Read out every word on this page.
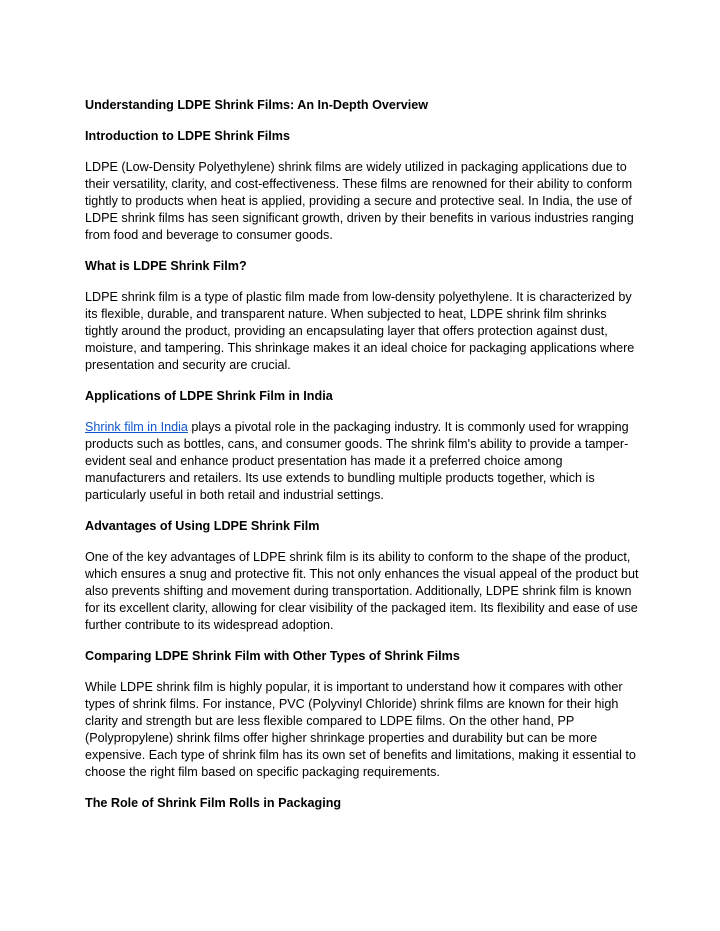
Understanding LDPE Shrink Films: An In-Depth Overview
Introduction to LDPE Shrink Films

LDPE (Low-Density Polyethylene) shrink films are widely utilized in packaging applications due to their versatility, clarity, and cost-effectiveness. These films are renowned for their ability to conform tightly to products when heat is applied, providing a secure and protective seal. In India, the use of LDPE shrink films has seen significant growth, driven by their benefits in various industries ranging from food and beverage to consumer goods.

What is LDPE Shrink Film?

LDPE shrink film is a type of plastic film made from low-density polyethylene. It is characterized by its flexible, durable, and transparent nature. When subjected to heat, LDPE shrink film shrinks tightly around the product, providing an encapsulating layer that offers protection against dust, moisture, and tampering. This shrinkage makes it an ideal choice for packaging applications where presentation and security are crucial.

Applications of LDPE Shrink Film in India

Shrink film in India plays a pivotal role in the packaging industry. It is commonly used for wrapping products such as bottles, cans, and consumer goods. The shrink film's ability to provide a tamper-evident seal and enhance product presentation has made it a preferred choice among manufacturers and retailers. Its use extends to bundling multiple products together, which is particularly useful in both retail and industrial settings.

Advantages of Using LDPE Shrink Film

One of the key advantages of LDPE shrink film is its ability to conform to the shape of the product, which ensures a snug and protective fit. This not only enhances the visual appeal of the product but also prevents shifting and movement during transportation. Additionally, LDPE shrink film is known for its excellent clarity, allowing for clear visibility of the packaged item. Its flexibility and ease of use further contribute to its widespread adoption.

Comparing LDPE Shrink Film with Other Types of Shrink Films

While LDPE shrink film is highly popular, it is important to understand how it compares with other types of shrink films. For instance, PVC (Polyvinyl Chloride) shrink films are known for their high clarity and strength but are less flexible compared to LDPE films. On the other hand, PP (Polypropylene) shrink films offer higher shrinkage properties and durability but can be more expensive. Each type of shrink film has its own set of benefits and limitations, making it essential to choose the right film based on specific packaging requirements.

The Role of Shrink Film Rolls in Packaging
